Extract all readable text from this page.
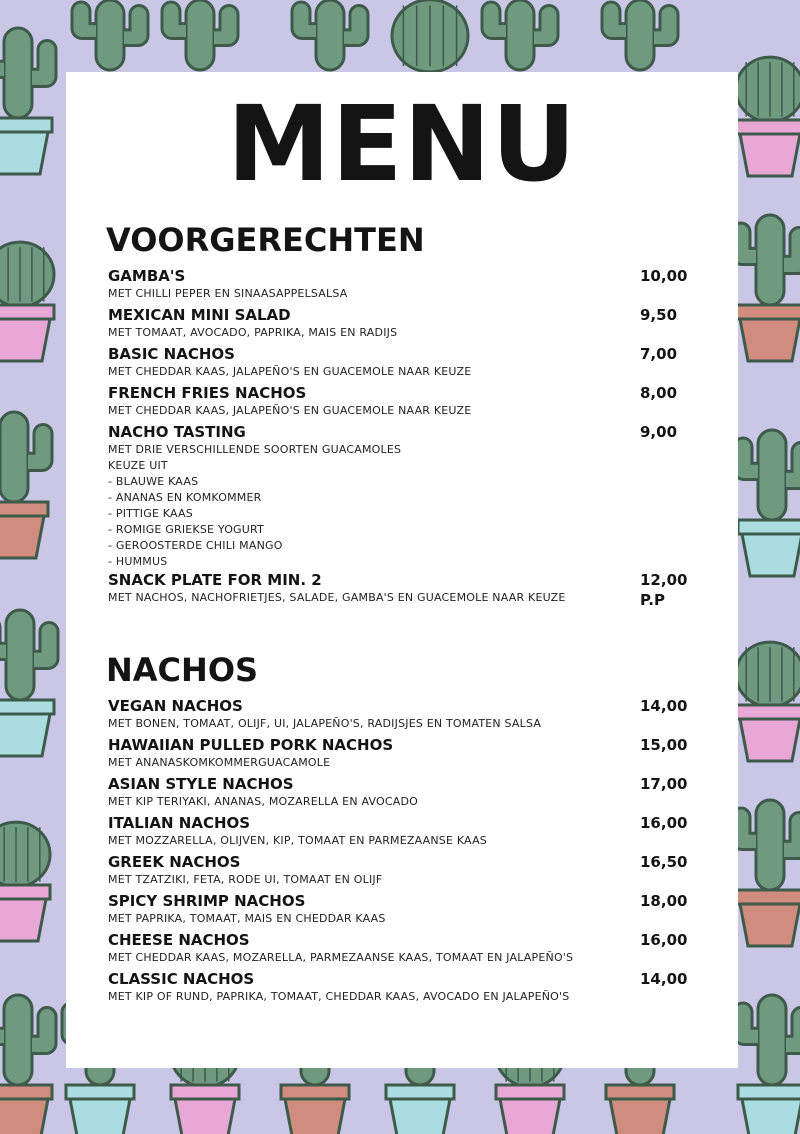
MENU
VOORGERECHTEN
GAMBA'S	10,00
MET CHILLI PEPER EN SINAASAPPELSALSA
MEXICAN MINI SALAD	9,50
MET TOMAAT, AVOCADO, PAPRIKA, MAIS EN RADIJS
BASIC NACHOS	7,00
MET CHEDDAR KAAS, JALAPEÑO'S EN GUACEMOLE NAAR KEUZE
FRENCH FRIES NACHOS	8,00
MET CHEDDAR KAAS, JALAPEÑO'S EN GUACEMOLE NAAR KEUZE
NACHO TASTING	9,00
MET DRIE VERSCHILLENDE SOORTEN GUACAMOLES
KEUZE UIT
- BLAUWE KAAS
- ANANAS EN KOMKOMMER
- PITTIGE KAAS
- ROMIGE GRIEKSE YOGURT
- GEROOSTERDE CHILI MANGO
- HUMMUS
SNACK PLATE FOR MIN. 2	12,00 P.P
MET NACHOS, NACHOFRIETJES, SALADE, GAMBA'S EN GUACEMOLE NAAR KEUZE
NACHOS
VEGAN NACHOS	14,00
MET BONEN, TOMAAT, OLIJF, UI, JALAPEÑO'S, RADIJSJES EN TOMATEN SALSA
HAWAIIAN PULLED PORK NACHOS	15,00
MET ANANASKOMKOMMERGUACAMOLE
ASIAN STYLE NACHOS	17,00
MET KIP TERIYAKI, ANANAS, MOZARELLA EN AVOCADO
ITALIAN NACHOS	16,00
MET MOZZARELLA, OLIJVEN, KIP, TOMAAT EN PARMEZAANSE KAAS
GREEK NACHOS	16,50
MET TZATZIKI, FETA, RODE UI, TOMAAT EN OLIJF
SPICY SHRIMP NACHOS	18,00
MET PAPRIKA, TOMAAT, MAIS EN CHEDDAR KAAS
CHEESE NACHOS	16,00
MET CHEDDAR KAAS, MOZARELLA, PARMEZAANSE KAAS, TOMAAT EN JALAPEÑO'S
CLASSIC NACHOS	14,00
MET KIP OF RUND, PAPRIKA, TOMAAT, CHEDDAR KAAS, AVOCADO EN JALAPEÑO'S
